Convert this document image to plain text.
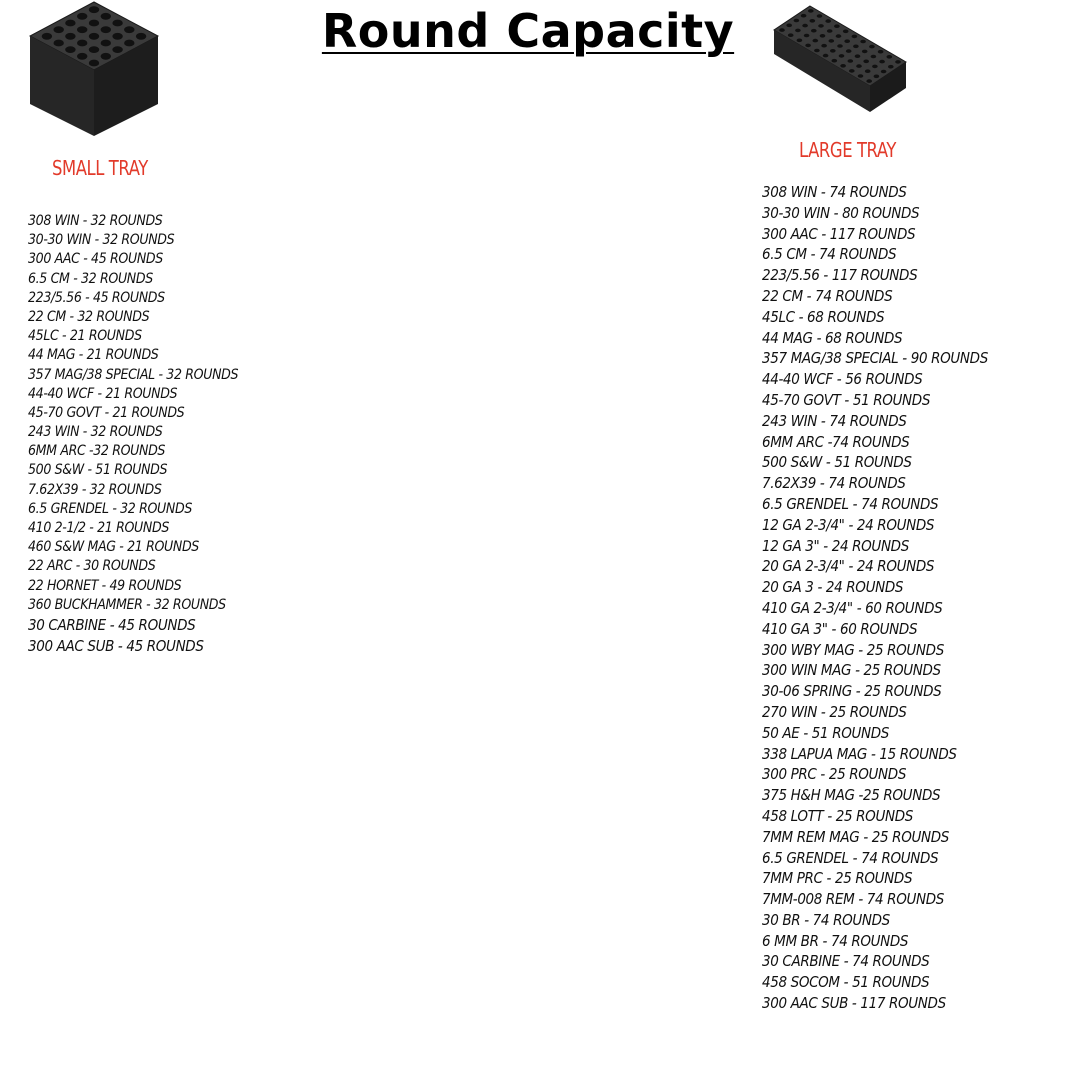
Round Capacity
SMALL TRAY
308 WIN - 32 ROUNDS
30-30 WIN - 32 ROUNDS
300 AAC - 45 ROUNDS
6.5 CM - 32 ROUNDS
223/5.56 - 45 ROUNDS
22 CM - 32 ROUNDS
45LC - 21 ROUNDS
44 MAG - 21 ROUNDS
357 MAG/38 SPECIAL - 32 ROUNDS
44-40 WCF - 21 ROUNDS
45-70 GOVT - 21 ROUNDS
243 WIN - 32 ROUNDS
6MM ARC -32 ROUNDS
500 S&W - 51 ROUNDS
7.62X39 - 32 ROUNDS
6.5 GRENDEL - 32 ROUNDS
410 2-1/2 - 21 ROUNDS
460 S&W MAG - 21 ROUNDS
22 ARC - 30 ROUNDS
22 HORNET - 49 ROUNDS
360 BUCKHAMMER - 32 ROUNDS
30 CARBINE - 45 ROUNDS
300 AAC SUB - 45 ROUNDS
LARGE TRAY
308 WIN - 74 ROUNDS
30-30 WIN - 80 ROUNDS
300 AAC - 117 ROUNDS
6.5 CM - 74 ROUNDS
223/5.56 - 117 ROUNDS
22 CM - 74 ROUNDS
45LC - 68 ROUNDS
44 MAG - 68 ROUNDS
357 MAG/38 SPECIAL - 90 ROUNDS
44-40 WCF - 56 ROUNDS
45-70 GOVT - 51 ROUNDS
243 WIN - 74 ROUNDS
6MM ARC -74 ROUNDS
500 S&W - 51 ROUNDS
7.62X39 - 74 ROUNDS
6.5 GRENDEL - 74 ROUNDS
12 GA 2-3/4" - 24 ROUNDS
12 GA 3" - 24 ROUNDS
20 GA 2-3/4" - 24 ROUNDS
20 GA 3 - 24 ROUNDS
410 GA 2-3/4" - 60 ROUNDS
410 GA 3" - 60 ROUNDS
300 WBY MAG - 25 ROUNDS
300 WIN MAG - 25 ROUNDS
30-06 SPRING - 25 ROUNDS
270 WIN - 25 ROUNDS
50 AE - 51 ROUNDS
338 LAPUA MAG - 15 ROUNDS
300 PRC - 25 ROUNDS
375 H&H MAG -25 ROUNDS
458 LOTT - 25 ROUNDS
7MM REM MAG - 25 ROUNDS
6.5 GRENDEL - 74 ROUNDS
7MM PRC - 25 ROUNDS
7MM-008 REM - 74 ROUNDS
30 BR - 74 ROUNDS
6 MM BR - 74 ROUNDS
30 CARBINE - 74 ROUNDS
458 SOCOM - 51 ROUNDS
300 AAC SUB - 117 ROUNDS
